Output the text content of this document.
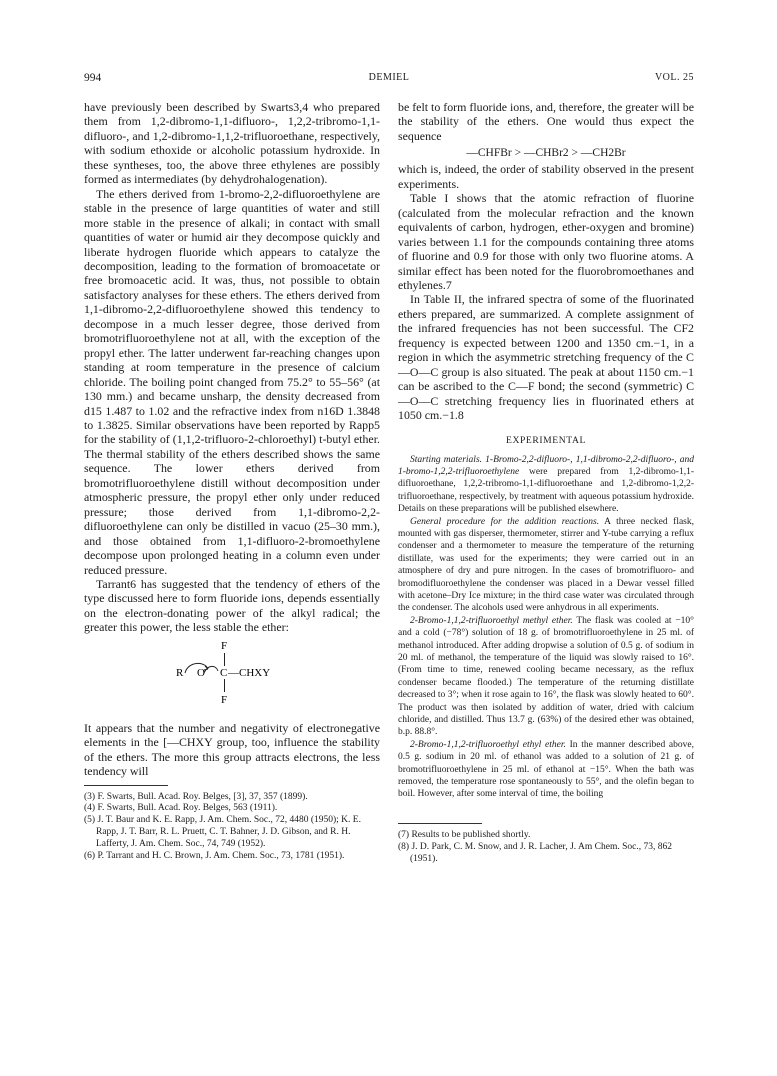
994	DEMIEL	VOL. 25

have previously been described by Swarts3,4 who prepared them from 1,2-dibromo-1,1-difluoro-, 1,2,2-tribromo-1,1-difluoro-, and 1,2-dibromo-1,1,2-trifluoroethane, respectively, with sodium ethoxide or alcoholic potassium hydroxide. In these syntheses, too, the above three ethylenes are possibly formed as intermediates (by dehydrohalogenation).

The ethers derived from 1-bromo-2,2-difluoroethylene are stable in the presence of large quantities of water and still more stable in the presence of alkali; in contact with small quantities of water or humid air they decompose quickly and liberate hydrogen fluoride which appears to catalyze the decomposition, leading to the formation of bromoacetate or free bromoacetic acid. It was, thus, not possible to obtain satisfactory analyses for these ethers. The ethers derived from 1,1-dibromo-2,2-difluoroethylene showed this tendency to decompose in a much lesser degree, those derived from bromotrifluoroethylene not at all, with the exception of the propyl ether. The latter underwent far-reaching changes upon standing at room temperature in the presence of calcium chloride. The boiling point changed from 75.2° to 55–56° (at 130 mm.) and became unsharp, the density decreased from d15 1.487 to 1.02 and the refractive index from n16D 1.3848 to 1.3825. Similar observations have been reported by Rapp5 for the stability of (1,1,2-trifluoro-2-chloroethyl) t-butyl ether. The thermal stability of the ethers described shows the same sequence. The lower ethers derived from bromotrifluoroethylene distill without decomposition under atmospheric pressure, the propyl ether only under reduced pressure; those derived from 1,1-dibromo-2,2-difluoroethylene can only be distilled in vacuo (25–30 mm.), and those obtained from 1,1-difluoro-2-bromoethylene decompose upon prolonged heating in a column even under reduced pressure.

Tarrant6 has suggested that the tendency of ethers of the type discussed here to form fluoride ions, depends essentially on the electron-donating power of the alkyl radical; the greater this power, the less stable the ether:

F
R O C —CHXY
F

It appears that the number and negativity of electronegative elements in the [—CHXY group, too, influence the stability of the ethers. The more this group attracts electrons, the less tendency will

(3) F. Swarts, Bull. Acad. Roy. Belges, [3], 37, 357 (1899).

(4) F. Swarts, Bull. Acad. Roy. Belges, 563 (1911).

(5) J. T. Baur and K. E. Rapp, J. Am. Chem. Soc., 72, 4480 (1950); K. E. Rapp, J. T. Barr, R. L. Pruett, C. T. Bahner, J. D. Gibson, and R. H. Lafferty, J. Am. Chem. Soc., 74, 749 (1952).

(6) P. Tarrant and H. C. Brown, J. Am. Chem. Soc., 73, 1781 (1951).

be felt to form fluoride ions, and, therefore, the greater will be the stability of the ethers. One would thus expect the sequence

—CHFBr > —CHBr2 > —CH2Br

which is, indeed, the order of stability observed in the present experiments.

Table I shows that the atomic refraction of fluorine (calculated from the molecular refraction and the known equivalents of carbon, hydrogen, ether-oxygen and bromine) varies between 1.1 for the compounds containing three atoms of fluorine and 0.9 for those with only two fluorine atoms. A similar effect has been noted for the fluorobromoethanes and ethylenes.7

In Table II, the infrared spectra of some of the fluorinated ethers prepared, are summarized. A complete assignment of the infrared frequencies has not been successful. The CF2 frequency is expected between 1200 and 1350 cm.−1, in a region in which the asymmetric stretching frequency of the C—O—C group is also situated. The peak at about 1150 cm.−1 can be ascribed to the C—F bond; the second (symmetric) C—O—C stretching frequency lies in fluorinated ethers at 1050 cm.−1.8

EXPERIMENTAL

Starting materials. 1-Bromo-2,2-difluoro-, 1,1-dibromo-2,2-difluoro-, and 1-bromo-1,2,2-trifluoroethylene were prepared from 1,2-dibromo-1,1-difluoroethane, 1,2,2-tribromo-1,1-difluoroethane and 1,2-dibromo-1,2,2-trifluoroethane, respectively, by treatment with aqueous potassium hydroxide. Details on these preparations will be published elsewhere.

General procedure for the addition reactions. A three necked flask, mounted with gas disperser, thermometer, stirrer and Y-tube carrying a reflux condenser and a thermometer to measure the temperature of the returning distillate, was used for the experiments; they were carried out in an atmosphere of dry and pure nitrogen. In the cases of bromotrifluoro- and bromodifluoroethylene the condenser was placed in a Dewar vessel filled with acetone–Dry Ice mixture; in the third case water was circulated through the condenser. The alcohols used were anhydrous in all experiments.

2-Bromo-1,1,2-trifluoroethyl methyl ether. The flask was cooled at −10° and a cold (−78°) solution of 18 g. of bromotrifluoroethylene in 25 ml. of methanol introduced. After adding dropwise a solution of 0.5 g. of sodium in 20 ml. of methanol, the temperature of the liquid was slowly raised to 16°. (From time to time, renewed cooling became necessary, as the reflux condenser became flooded.) The temperature of the returning distillate decreased to 3°; when it rose again to 16°, the flask was slowly heated to 60°. The product was then isolated by addition of water, dried with calcium chloride, and distilled. Thus 13.7 g. (63%) of the desired ether was obtained, b.p. 88.8°.

2-Bromo-1,1,2-trifluoroethyl ethyl ether. In the manner described above, 0.5 g. sodium in 20 ml. of ethanol was added to a solution of 21 g. of bromotrifluoroethylene in 25 ml. of ethanol at −15°. When the bath was removed, the temperature rose spontaneously to 55°, and the olefin began to boil. However, after some interval of time, the boiling

(7) Results to be published shortly.

(8) J. D. Park, C. M. Snow, and J. R. Lacher, J. Am Chem. Soc., 73, 862 (1951).
